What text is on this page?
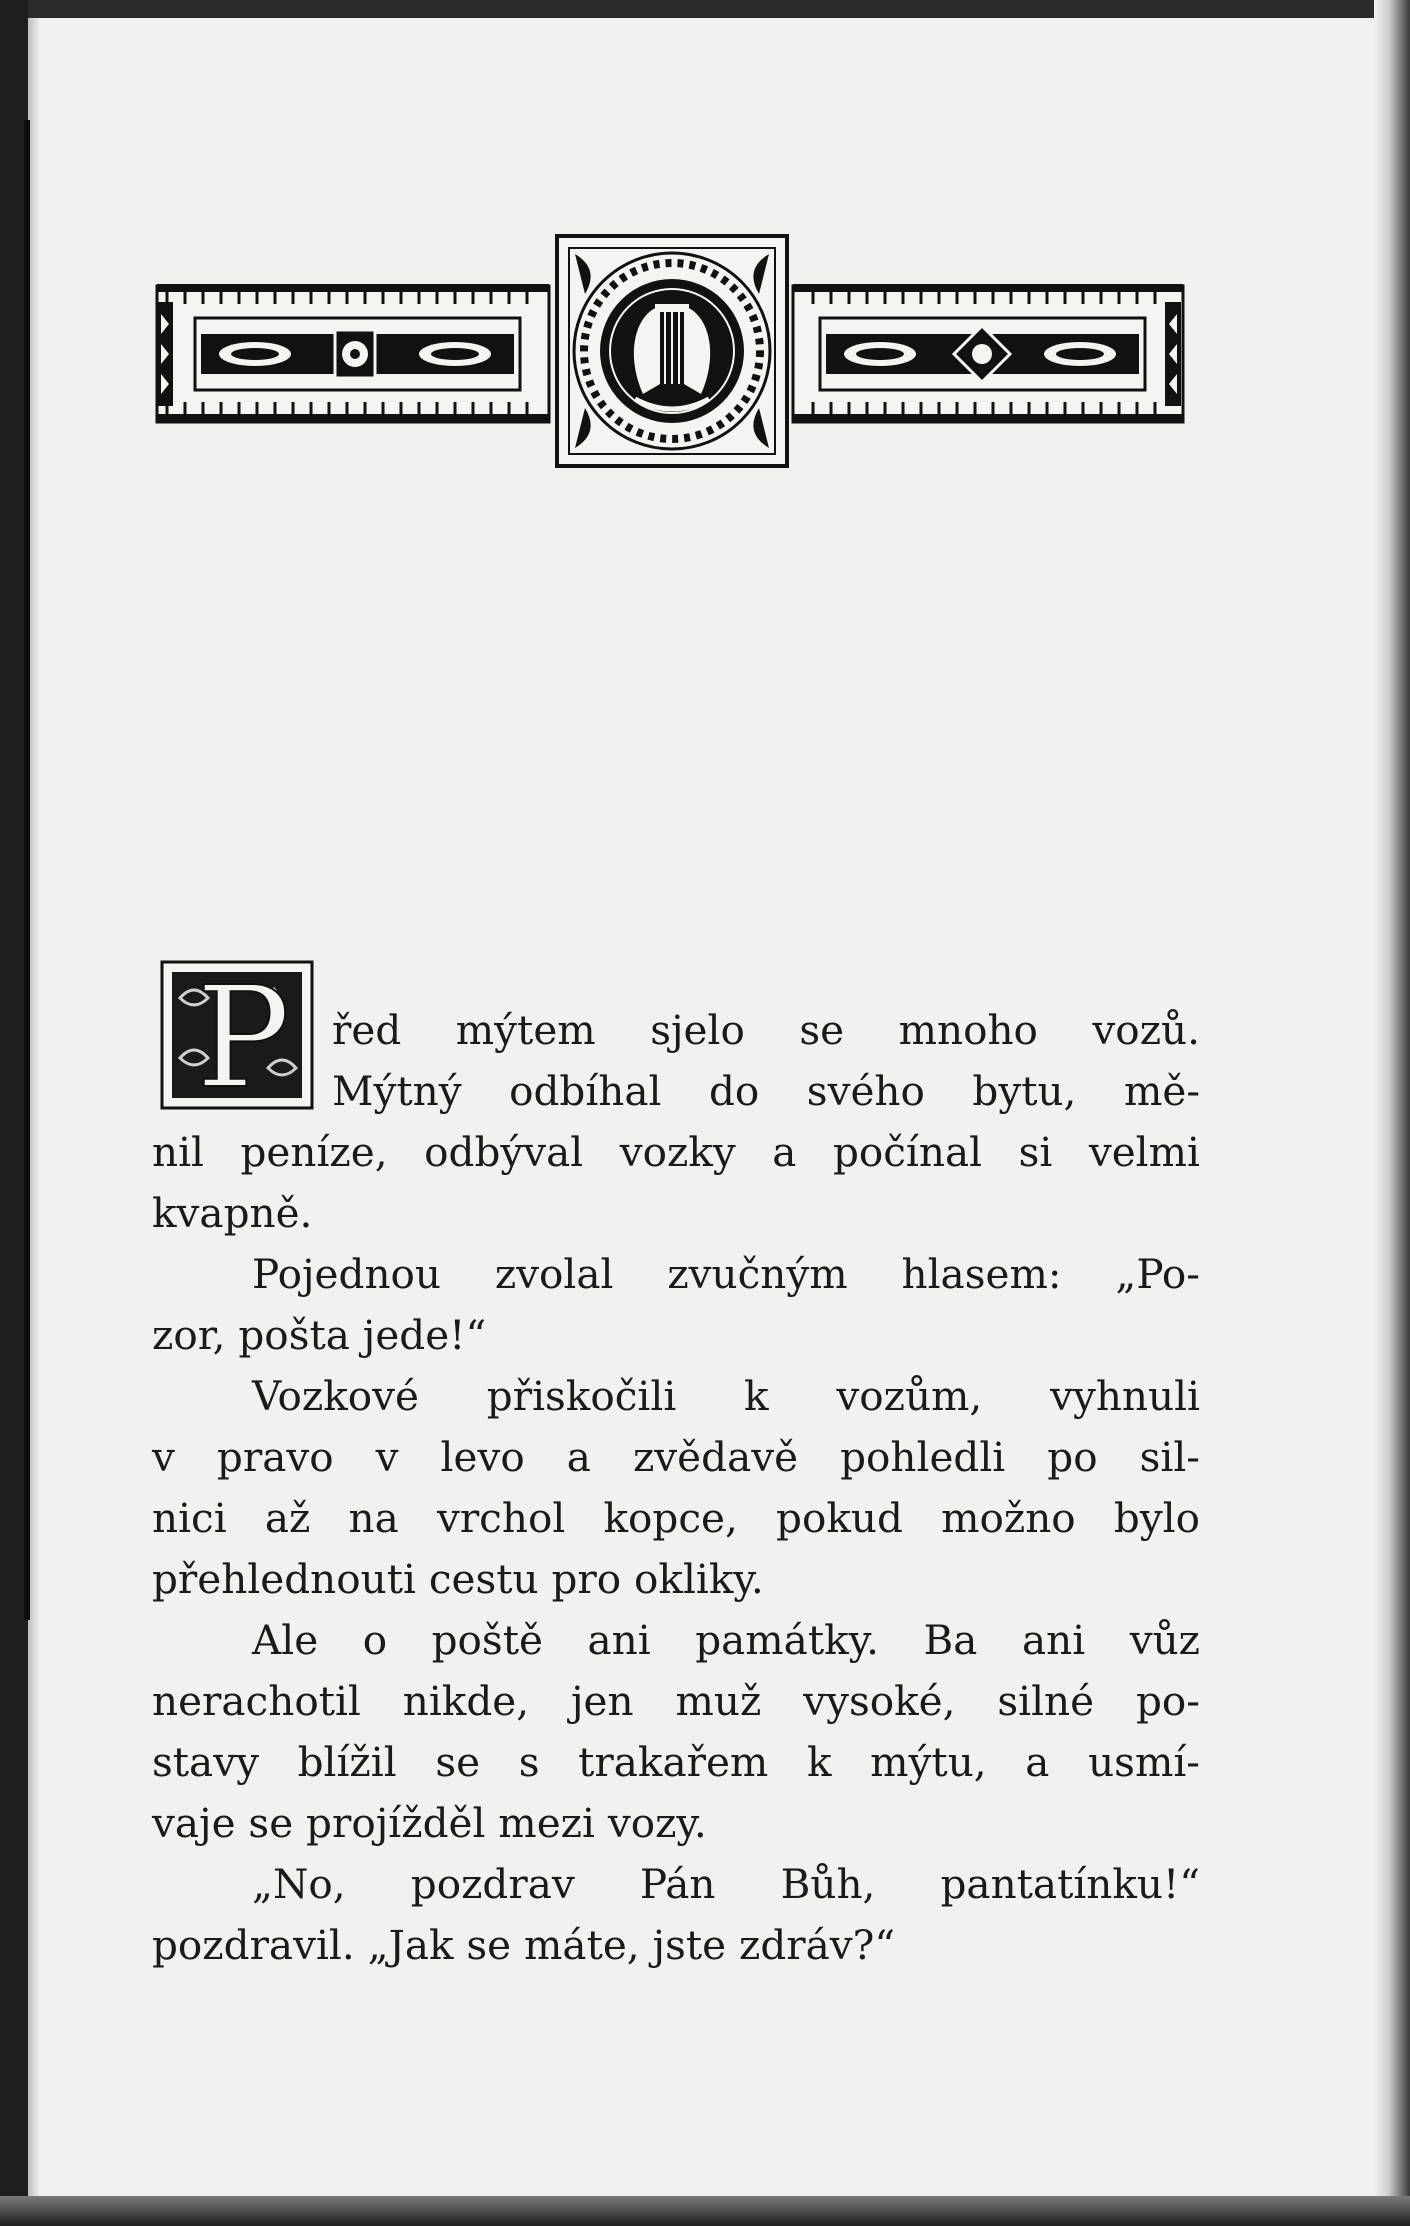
P	řed mýtem sjelo se mnoho vozů.
Mýtný odbíhal do svého bytu, mě-
nil peníze, odbýval vozky a počínal si velmi
kvapně.
Pojednou zvolal zvučným hlasem: „Po-
zor, pošta jede!“
Vozkové přiskočili k vozům, vyhnuli
v pravo v levo a zvědavě pohledli po sil-
nici až na vrchol kopce, pokud možno bylo
přehlednouti cestu pro okliky.
Ale o poště ani památky. Ba ani vůz
nerachotil nikde, jen muž vysoké, silné po-
stavy blížil se s trakařem k mýtu, a usmí-
vaje se projížděl mezi vozy.
„No, pozdrav Pán Bůh, pantatínku!“
pozdravil. „Jak se máte, jste zdráv?“
